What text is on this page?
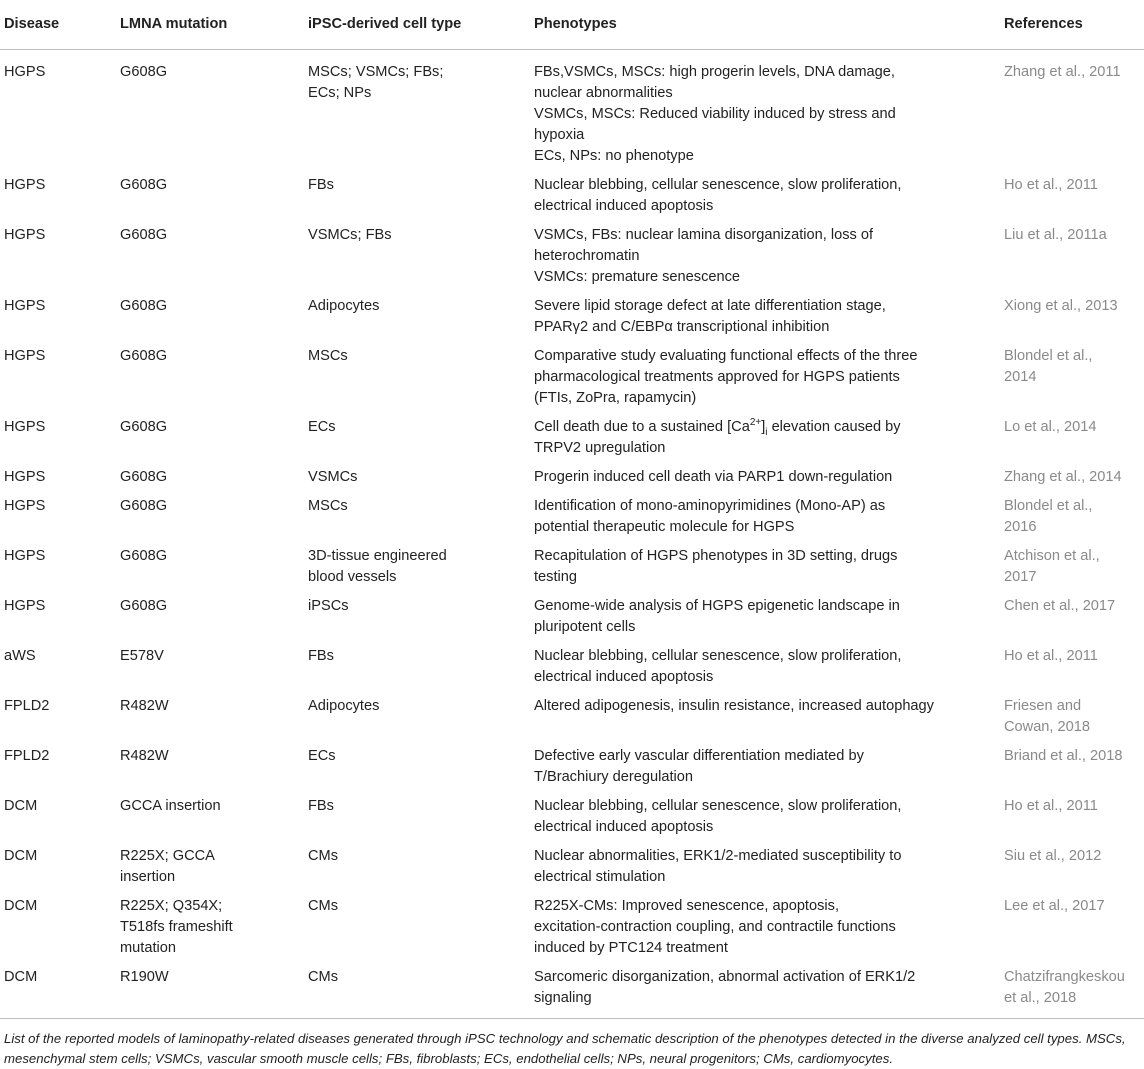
Disease	LMNA mutation	iPSC-derived cell type	Phenotypes	References
HGPS	G608G	MSCs; VSMCs; FBs;
ECs; NPs	FBs,VSMCs, MSCs: high progerin levels, DNA damage,
nuclear abnormalities
VSMCs, MSCs: Reduced viability induced by stress and
hypoxia
ECs, NPs: no phenotype	Zhang et al., 2011
HGPS	G608G	FBs	Nuclear blebbing, cellular senescence, slow proliferation,
electrical induced apoptosis	Ho et al., 2011
HGPS	G608G	VSMCs; FBs	VSMCs, FBs: nuclear lamina disorganization, loss of
heterochromatin
VSMCs: premature senescence	Liu et al., 2011a
HGPS	G608G	Adipocytes	Severe lipid storage defect at late differentiation stage,
PPARγ2 and C/EBPα transcriptional inhibition	Xiong et al., 2013
HGPS	G608G	MSCs	Comparative study evaluating functional effects of the three
pharmacological treatments approved for HGPS patients
(FTIs, ZoPra, rapamycin)	Blondel et al.,
2014
HGPS	G608G	ECs	Cell death due to a sustained $[Ca^{2+}]_i$ elevation caused by
TRPV2 upregulation	Lo et al., 2014
HGPS	G608G	VSMCs	Progerin induced cell death via PARP1 down-regulation	Zhang et al., 2014
HGPS	G608G	MSCs	Identification of mono-aminopyrimidines (Mono-AP) as
potential therapeutic molecule for HGPS	Blondel et al.,
2016
HGPS	G608G	3D-tissue engineered
blood vessels	Recapitulation of HGPS phenotypes in 3D setting, drugs
testing	Atchison et al.,
2017
HGPS	G608G	iPSCs	Genome-wide analysis of HGPS epigenetic landscape in
pluripotent cells	Chen et al., 2017
aWS	E578V	FBs	Nuclear blebbing, cellular senescence, slow proliferation,
electrical induced apoptosis	Ho et al., 2011
FPLD2	R482W	Adipocytes	Altered adipogenesis, insulin resistance, increased autophagy	Friesen and
Cowan, 2018
FPLD2	R482W	ECs	Defective early vascular differentiation mediated by
T/Brachiury deregulation	Briand et al., 2018
DCM	GCCA insertion	FBs	Nuclear blebbing, cellular senescence, slow proliferation,
electrical induced apoptosis	Ho et al., 2011
DCM	R225X; GCCA
insertion	CMs	Nuclear abnormalities, ERK1/2-mediated susceptibility to
electrical stimulation	Siu et al., 2012
DCM	R225X; Q354X;
T518fs frameshift
mutation	CMs	R225X-CMs: Improved senescence, apoptosis,
excitation-contraction coupling, and contractile functions
induced by PTC124 treatment	Lee et al., 2017
DCM	R190W	CMs	Sarcomeric disorganization, abnormal activation of ERK1/2
signaling	Chatzifrangkeskou
et al., 2018
List of the reported models of laminopathy-related diseases generated through iPSC technology and schematic description of the phenotypes detected in the diverse analyzed cell types. MSCs, mesenchymal stem cells; VSMCs, vascular smooth muscle cells; FBs, fibroblasts; ECs, endothelial cells; NPs, neural progenitors; CMs, cardiomyocytes.
